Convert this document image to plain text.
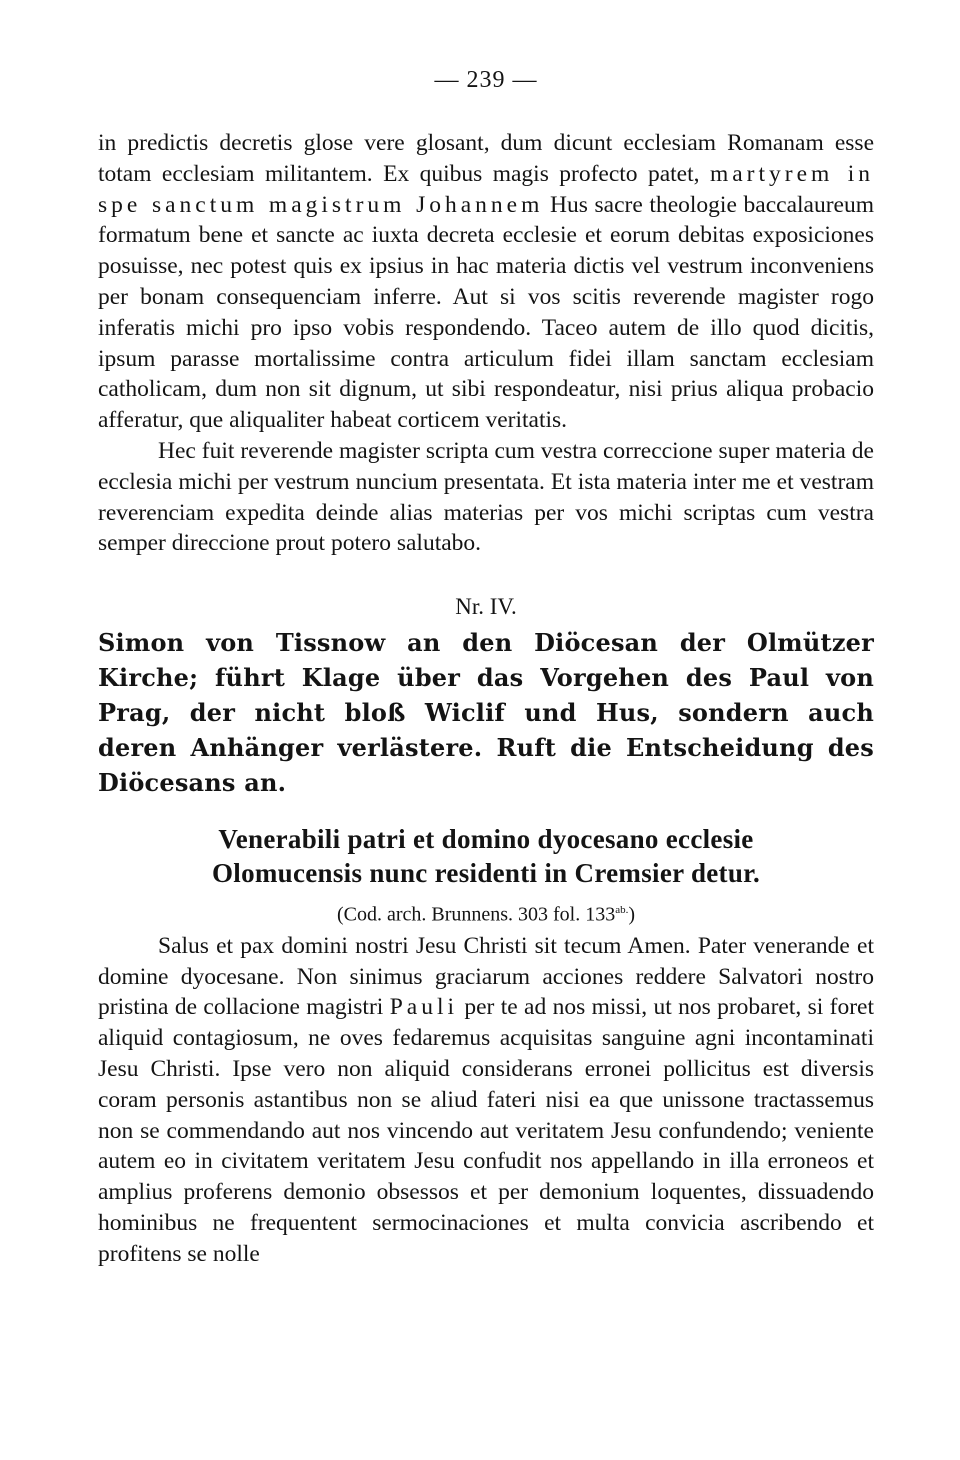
— 239 —

in predictis decretis glose vere glosant, dum dicunt ecclesiam Romanam esse totam ecclesiam militantem. Ex quibus magis profecto patet, martyrem in spe sanctum magistrum Johannem Hus sacre theologie baccalaureum formatum bene et sancte ac iuxta decreta ecclesie et eorum debitas exposiciones posuisse, nec potest quis ex ipsius in hac materia dictis vel vestrum inconveniens per bonam consequenciam inferre. Aut si vos scitis reverende magister rogo inferatis michi pro ipso vobis respondendo. Taceo autem de illo quod dicitis, ipsum parasse mortalissime contra articulum fidei illam sanctam ecclesiam catholicam, dum non sit dignum, ut sibi respondeatur, nisi prius aliqua probacio afferatur, que aliqualiter habeat corticem veritatis.

Hec fuit reverende magister scripta cum vestra correccione super materia de ecclesia michi per vestrum nuncium presentata. Et ista materia inter me et vestram reverenciam expedita deinde alias materias per vos michi scriptas cum vestra semper direccione prout potero salutabo.

Nr. IV.

Simon von Tissnow an den Diöcesan der Olmützer Kirche; führt Klage über das Vorgehen des Paul von Prag, der nicht bloß Wiclif und Hus, sondern auch deren Anhänger verlästere. Ruft die Entscheidung des Diöcesans an.

Venerabili patri et domino dyocesano ecclesie
Olomucensis nunc residenti in Cremsier detur.

(Cod. arch. Brunnens. 303 fol. $133^{ab.}$)

Salus et pax domini nostri Jesu Christi sit tecum Amen. Pater venerande et domine dyocesane. Non sinimus graciarum acciones reddere Salvatori nostro pristina de collacione magistri Pauli per te ad nos missi, ut nos probaret, si foret aliquid contagiosum, ne oves fedaremus acquisitas sanguine agni incontaminati Jesu Christi. Ipse vero non aliquid considerans erronei pollicitus est diversis coram personis astantibus non se aliud fateri nisi ea que unissone tractassemus non se commendando aut nos vincendo aut veritatem Jesu confundendo; veniente autem eo in civitatem veritatem Jesu confudit nos appellando in illa erroneos et amplius proferens demonio obsessos et per demonium loquentes, dissuadendo hominibus ne frequentent sermocinaciones et multa convicia ascribendo et profitens se nolle
